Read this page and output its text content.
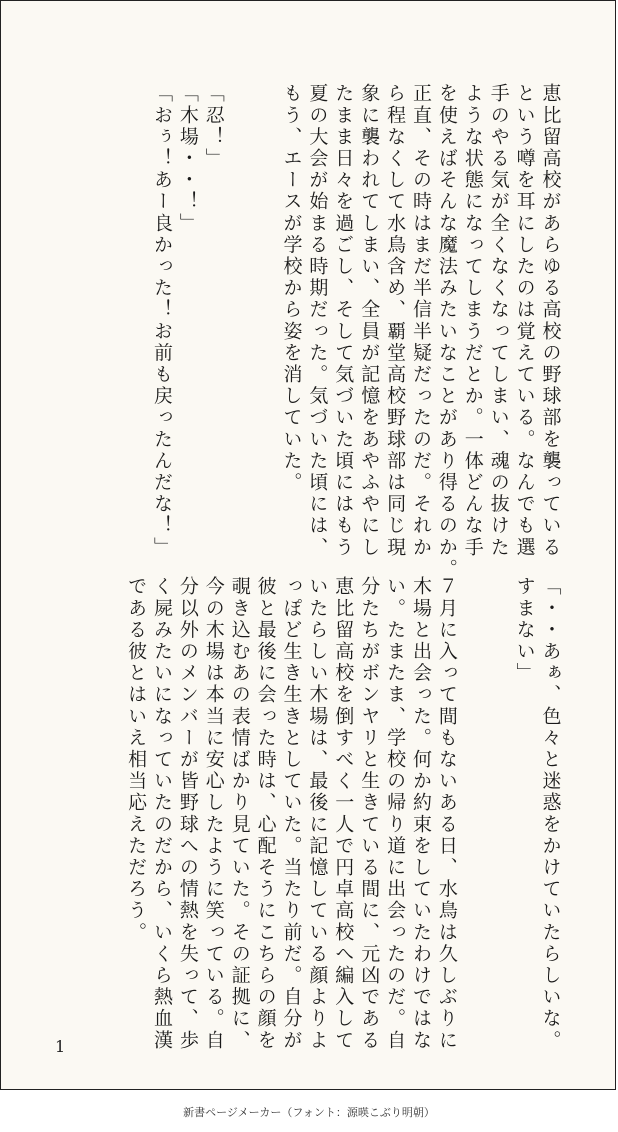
1
恵比留高校があらゆる高校の野球部を襲っている
という噂を耳にしたのは覚えている。なんでも選
手のやる気が全くなくなってしまい、魂の抜けた
ような状態になってしまうだとか。一体どんな手
を使えばそんな魔法みたいなことがあり得るのか。
正直、その時はまだ半信半疑だったのだ。それか
ら程なくして水鳥含め、覇堂高校野球部は同じ現
象に襲われてしまい、全員が記憶をあやふやにし
たまま日々を過ごし、そして気づいた頃にはもう
夏の大会が始まる時期だった。気づいた頃には、
もう、エースが学校から姿を消していた。
「忍！」
「木場・・！」
「おぅ！あー良かった！お前も戻ったんだな！」
「・・あぁ、色々と迷惑をかけていたらしいな。
すまない」
７月に入って間もないある日、水鳥は久しぶりに
木場と出会った。何か約束をしていたわけではな
い。たまたま、学校の帰り道に出会ったのだ。自
分たちがボンヤリと生きている間に、元凶である
恵比留高校を倒すべく一人で円卓高校へ編入して
いたらしい木場は、最後に記憶している顔よりよ
っぽど生き生きとしていた。当たり前だ。自分が
彼と最後に会った時は、心配そうにこちらの顔を
覗き込むあの表情ばかり見ていた。その証拠に、
今の木場は本当に安心したように笑っている。自
分以外のメンバーが皆野球への情熱を失って、歩
く屍みたいになっていたのだから、いくら熱血漢
である彼とはいえ相当応えただろう。
新書ページメーカー（フォント：源暎こぶり明朝）
